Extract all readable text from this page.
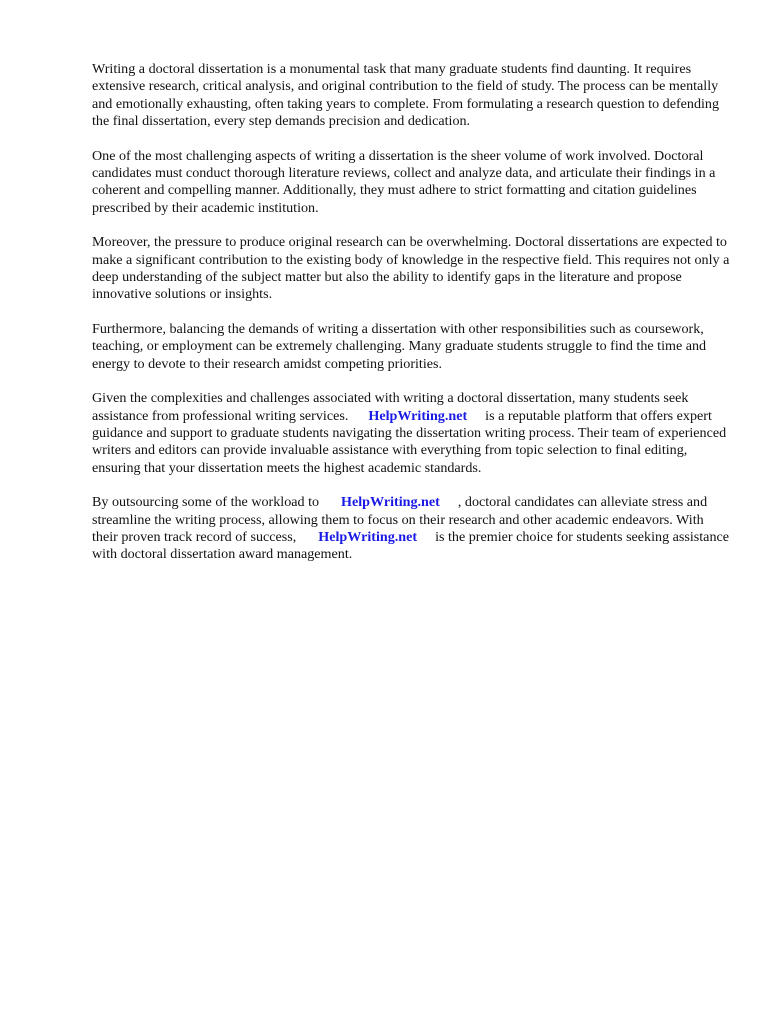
Writing a doctoral dissertation is a monumental task that many graduate students find daunting. It requires extensive research, critical analysis, and original contribution to the field of study. The process can be mentally and emotionally exhausting, often taking years to complete. From formulating a research question to defending the final dissertation, every step demands precision and dedication.

One of the most challenging aspects of writing a dissertation is the sheer volume of work involved. Doctoral candidates must conduct thorough literature reviews, collect and analyze data, and articulate their findings in a coherent and compelling manner. Additionally, they must adhere to strict formatting and citation guidelines prescribed by their academic institution.

Moreover, the pressure to produce original research can be overwhelming. Doctoral dissertations are expected to make a significant contribution to the existing body of knowledge in the respective field. This requires not only a deep understanding of the subject matter but also the ability to identify gaps in the literature and propose innovative solutions or insights.

Furthermore, balancing the demands of writing a dissertation with other responsibilities such as coursework, teaching, or employment can be extremely challenging. Many graduate students struggle to find the time and energy to devote to their research amidst competing priorities.

Given the complexities and challenges associated with writing a doctoral dissertation, many students seek assistance from professional writing services. HelpWriting.net is a reputable platform that offers expert guidance and support to graduate students navigating the dissertation writing process. Their team of experienced writers and editors can provide invaluable assistance with everything from topic selection to final editing, ensuring that your dissertation meets the highest academic standards.

By outsourcing some of the workload to HelpWriting.net , doctoral candidates can alleviate stress and streamline the writing process, allowing them to focus on their research and other academic endeavors. With their proven track record of success, HelpWriting.net is the premier choice for students seeking assistance with doctoral dissertation award management.
